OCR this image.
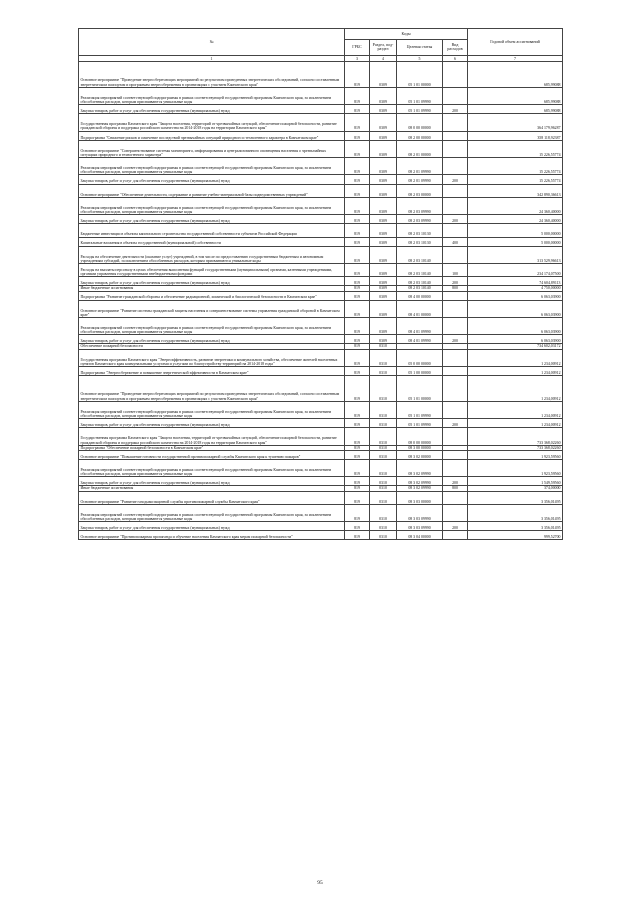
№	Коды				Годовой объем ассигнований
	ГРБС	Раздел, под- раздел	Целевая статья	Вид расходов	
1	3	4	5	6	7
Основное мероприятие "Проведение энергосберегающих мероприятий по результатам проведенных энергетических обследований, согласно составленным энергетическим паспортам и программам энергосбережения в организациях с участием Камчатского края"	819	0309	05 1 01 00000		685,99088
Реализация мероприятий соответствующей подпрограммы в рамках соответствующей государственной программы Камчатского края, за исключением обособленных расходов, которым присваиваются уникальные коды	819	0309	05 1 01 09990		685,99088
Закупка товаров, работ и услуг для обеспечения государственных (муниципальных) нужд	819	0309	05 1 01 09990	200	685,99088
Государственная программа Камчатского края "Защита населения, территорий от чрезвычайных ситуаций, обеспечение пожарной безопасности, развитие гражданской обороны и поддержка российского казачества на 2014-2018 годы на территории Камчатского края"	819	0309	08 0 00 00000		364 179,96287
Подпрограмма "Снижение рисков и смягчение последствий чрезвычайных ситуаций природного и техногенного характера в Камчатском крае"	819	0309	08 2 00 00000		358 118,92387
Основное мероприятие "Совершенствование системы мониторинга, информирования и централизованного оповещения населения о чрезвычайных ситуациях природного и техногенного характера"	819	0309	08 2 01 00000		15 226,55774
Реализация мероприятий соответствующей подпрограммы в рамках соответствующей государственной программы Камчатского края, за исключением обособленных расходов, которым присваиваются уникальные коды	819	0309	08 2 01 09990		15 226,55774
Закупка товаров, работ и услуг для обеспечения государственных (муниципальных) нужд	819	0309	08 2 01 09990	200	15 226,55774
Основное мероприятие "Обеспечение деятельности, содержание и развитие учебно-материальной базы подведомственных учреждений"	819	0309	08 2 03 00000		342 890,36613
Реализация мероприятий соответствующей подпрограммы в рамках соответствующей государственной программы Камчатского края, за исключением обособленных расходов, которым присваиваются уникальные коды	819	0309	08 2 03 09990		24 360,40000
Закупка товаров, работ и услуг для обеспечения государственных (муниципальных) нужд	819	0309	08 2 03 09990	200	24 360,40000
Бюджетные инвестиции в объекты капитального строительства государственной собственности субъектов Российской Федерации	819	0309	08 2 03 10130		5 000,00000
Капитальные вложения в объекты государственной (муниципальной) собственности	819	0309	08 2 03 10130	400	5 000,00000
Расходы на обеспечение деятельности (оказание услуг) учреждений, в том числе по предоставлению государственным бюджетным и автономным учреждениям субсидий, за исключением обособленных расходов, которым присваиваются уникальные коды	819	0309	08 2 03 10140		313 529,96613
Расходы на выплаты персоналу в целях обеспечения выполнения функций государственными (муниципальными) органами, казенными учреждениями, органами управления государственными внебюджетными фондами	819	0309	08 2 03 10140	100	234 174,07500
Закупка товаров, работ и услуг для обеспечения государственных (муниципальных) нужд	819	0309	08 2 03 10140	200	74 604,89113
Иные бюджетные ассигнования	819	0309	08 2 03 10140	800	4 750,00000
Подпрограмма "Развитие гражданской обороны и обеспечение радиационной, химической и биологической безопасности в Камчатском крае"	819	0309	08 4 00 00000		6 063,03900
Основное мероприятие "Развитие системы гражданской защиты населения и совершенствование системы управления гражданской обороной в Камчатском крае"	819	0309	08 4 01 00000		6 063,03900
Реализация мероприятий соответствующей подпрограммы в рамках соответствующей государственной программы Камчатского края, за исключением обособленных расходов, которым присваиваются уникальные коды	819	0309	08 4 01 09990		6 063,03900
Закупка товаров, работ и услуг для обеспечения государственных (муниципальных) нужд	819	0309	08 4 01 09990	200	6 063,03900
Обеспечение пожарной безопасности	819	0310			734 602,03172
Государственная программа Камчатского края "Энергоэффективность, развитие энергетики и коммунального хозяйства, обеспечение жителей населенных пунктов Камчатского края коммунальными услугами и услугами по благоустройству территорий на 2014-2018 годы"	819	0310	05 0 00 00000		1 234,00912
Подпрограмма "Энергосбережение и повышение энергетической эффективности в Камчатском крае"	819	0310	05 1 00 00000		1 234,00912
Основное мероприятие "Проведение энергосберегающих мероприятий по результатам проведенных энергетических обследований, согласно составленным энергетическим паспортам и программам энергосбережения в организациях с участием Камчатского края"	819	0310	05 1 01 00000		1 234,00912
Реализация мероприятий соответствующей подпрограммы в рамках соответствующей государственной программы Камчатского края, за исключением обособленных расходов, которым присваиваются уникальные коды	819	0310	05 1 01 09990		1 234,00912
Закупка товаров, работ и услуг для обеспечения государственных (муниципальных) нужд	819	0310	05 1 01 09990	200	1 234,00912
Государственная программа Камчатского края "Защита населения, территорий от чрезвычайных ситуаций, обеспечение пожарной безопасности, развитие гражданской обороны и поддержка российского казачества на 2014-2018 годы на территории Камчатского края"	819	0310	08 0 00 00000		733 368,02260
Подпрограмма "Обеспечение пожарной безопасности в Камчатском крае"	819	0310	08 3 00 00000		733 368,02260
Основное мероприятие "Повышение готовности государственной противопожарной службы Камчатского края к тушению пожаров"	819	0310	08 3 02 00000		1 923,59560
Реализация мероприятий соответствующей подпрограммы в рамках соответствующей государственной программы Камчатского края, за исключением обособленных расходов, которым присваиваются уникальные коды	819	0310	08 3 02 09990		1 923,59560
Закупка товаров, работ и услуг для обеспечения государственных (муниципальных) нужд	819	0310	08 3 02 09990	200	1 549,59560
Иные бюджетные ассигнования	819	0310	08 3 02 09990	800	374,00000
Основное мероприятие "Развитие газодымозащитной службы противопожарной службы Камчатского края"	819	0310	08 3 03 00000		3 356,01495
Реализация мероприятий соответствующей подпрограммы в рамках соответствующей государственной программы Камчатского края, за исключением обособленных расходов, которым присваиваются уникальные коды	819	0310	08 3 03 09990		3 356,01495
Закупка товаров, работ и услуг для обеспечения государственных (муниципальных) нужд	819	0310	08 3 03 09990	200	3 356,01495
Основное мероприятие "Противопожарная пропаганда и обучение населения Камчатского края мерам пожарной безопасности"	819	0310	08 3 04 00000		999,52700
95
